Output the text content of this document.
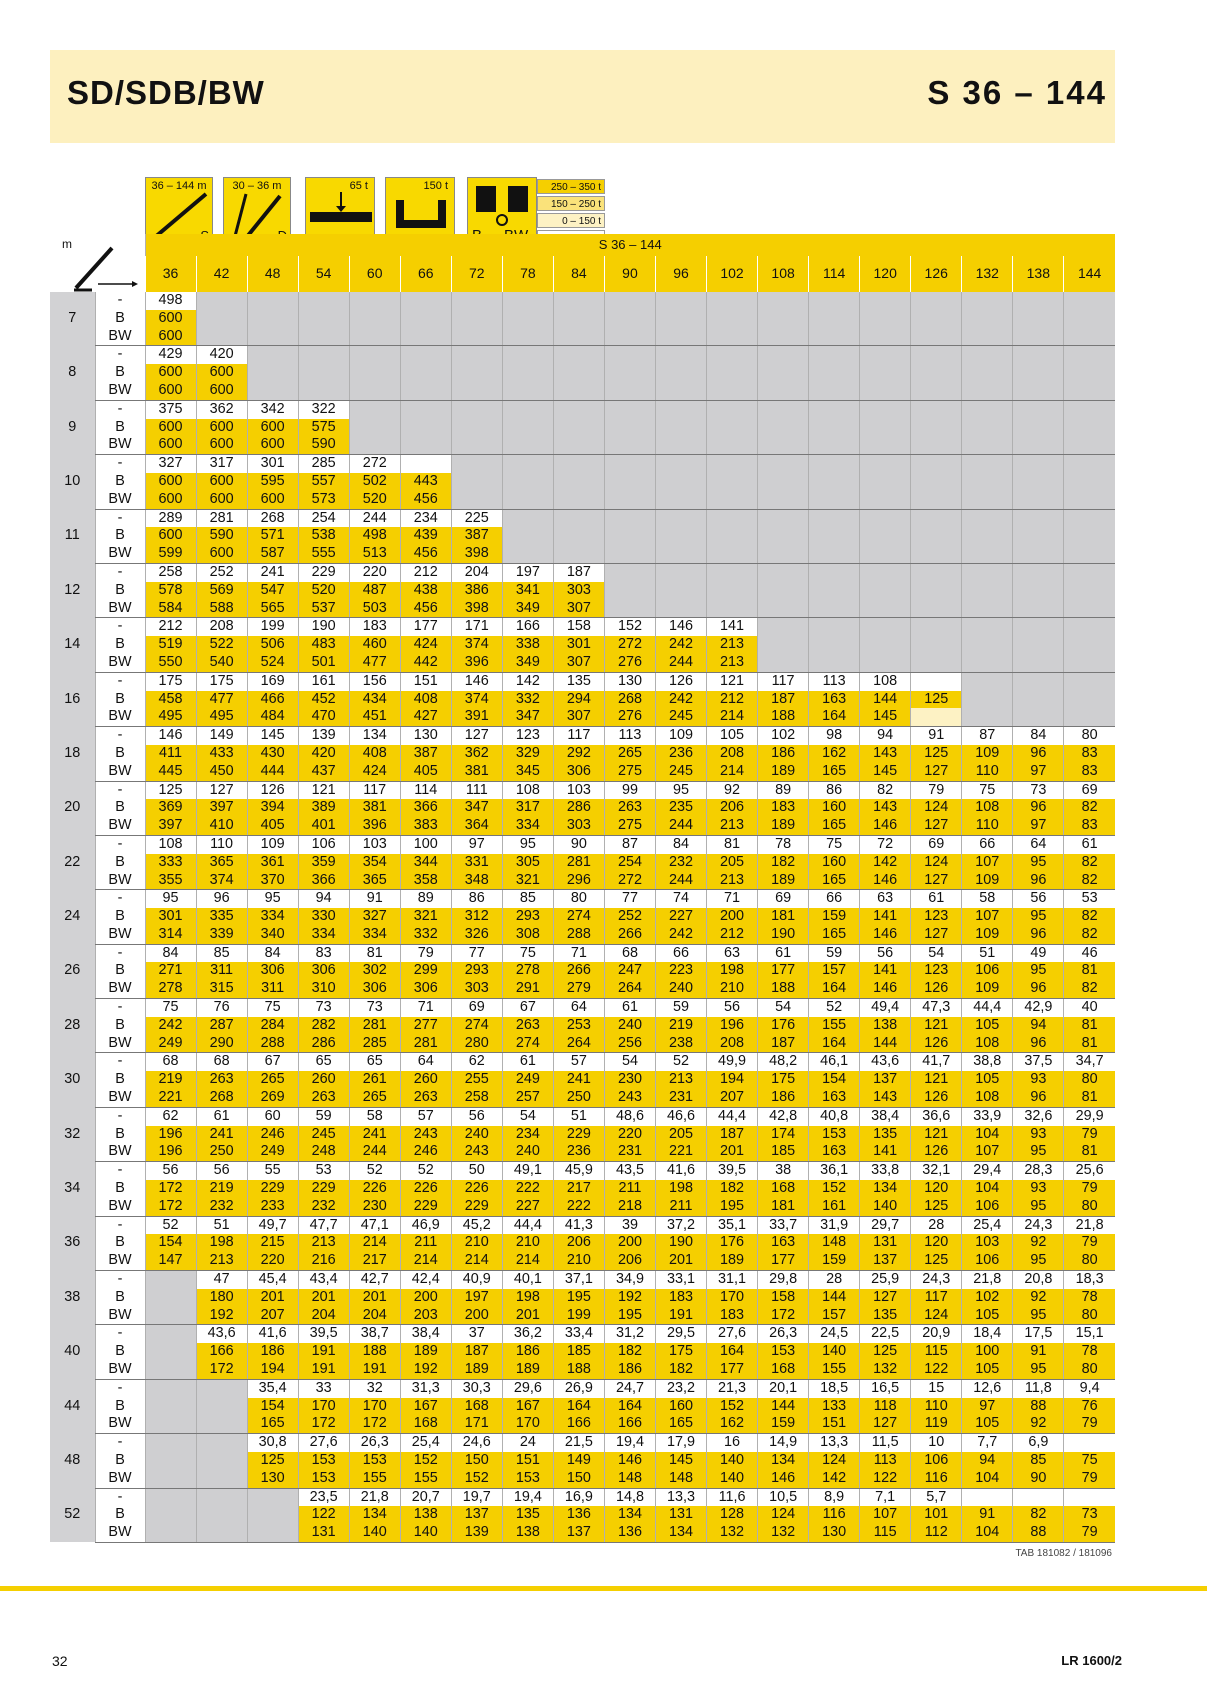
SD/SDB/BW	S 36 – 144
36 – 144 m	30 – 36 m	65 t	150 t	250 – 350 t
150 – 250 t
0 – 150 t
m		S 36 – 144																		
		36	42	48	54	60	66	72	78	84	90	96	102	108	114	120	126	132	138	144
7	-	498																		
	B	600																		
	BW	600																		
8	-	429	420																	
	B	600	600																	
	BW	600	600																	
9	-	375	362	342	322															
	B	600	600	600	575															
	BW	600	600	600	590															
10	-	327	317	301	285	272														
	B	600	600	595	557	502	443													
	BW	600	600	600	573	520	456													
11	-	289	281	268	254	244	234	225												
	B	600	590	571	538	498	439	387												
	BW	599	600	587	555	513	456	398												
12	-	258	252	241	229	220	212	204	197	187										
	B	578	569	547	520	487	438	386	341	303										
	BW	584	588	565	537	503	456	398	349	307										
14	-	212	208	199	190	183	177	171	166	158	152	146	141							
	B	519	522	506	483	460	424	374	338	301	272	242	213							
	BW	550	540	524	501	477	442	396	349	307	276	244	213							
16	-	175	175	169	161	156	151	146	142	135	130	126	121	117	113	108				
	B	458	477	466	452	434	408	374	332	294	268	242	212	187	163	144	125			
	BW	495	495	484	470	451	427	391	347	307	276	245	214	188	164	145				
18	-	146	149	145	139	134	130	127	123	117	113	109	105	102	98	94	91	87	84	80
	B	411	433	430	420	408	387	362	329	292	265	236	208	186	162	143	125	109	96	83
	BW	445	450	444	437	424	405	381	345	306	275	245	214	189	165	145	127	110	97	83
20	-	125	127	126	121	117	114	111	108	103	99	95	92	89	86	82	79	75	73	69
	B	369	397	394	389	381	366	347	317	286	263	235	206	183	160	143	124	108	96	82
	BW	397	410	405	401	396	383	364	334	303	275	244	213	189	165	146	127	110	97	83
22	-	108	110	109	106	103	100	97	95	90	87	84	81	78	75	72	69	66	64	61
	B	333	365	361	359	354	344	331	305	281	254	232	205	182	160	142	124	107	95	82
	BW	355	374	370	366	365	358	348	321	296	272	244	213	189	165	146	127	109	96	82
24	-	95	96	95	94	91	89	86	85	80	77	74	71	69	66	63	61	58	56	53
	B	301	335	334	330	327	321	312	293	274	252	227	200	181	159	141	123	107	95	82
	BW	314	339	340	334	334	332	326	308	288	266	242	212	190	165	146	127	109	96	82
26	-	84	85	84	83	81	79	77	75	71	68	66	63	61	59	56	54	51	49	46
	B	271	311	306	306	302	299	293	278	266	247	223	198	177	157	141	123	106	95	81
	BW	278	315	311	310	306	306	303	291	279	264	240	210	188	164	146	126	109	96	82
28	-	75	76	75	73	73	71	69	67	64	61	59	56	54	52	49,4	47,3	44,4	42,9	40
	B	242	287	284	282	281	277	274	263	253	240	219	196	176	155	138	121	105	94	81
	BW	249	290	288	286	285	281	280	274	264	256	238	208	187	164	144	126	108	96	81
30	-	68	68	67	65	65	64	62	61	57	54	52	49,9	48,2	46,1	43,6	41,7	38,8	37,5	34,7
	B	219	263	265	260	261	260	255	249	241	230	213	194	175	154	137	121	105	93	80
	BW	221	268	269	263	265	263	258	257	250	243	231	207	186	163	143	126	108	96	81
32	-	62	61	60	59	58	57	56	54	51	48,6	46,6	44,4	42,8	40,8	38,4	36,6	33,9	32,6	29,9
	B	196	241	246	245	241	243	240	234	229	220	205	187	174	153	135	121	104	93	79
	BW	196	250	249	248	244	246	243	240	236	231	221	201	185	163	141	126	107	95	81
34	-	56	56	55	53	52	52	50	49,1	45,9	43,5	41,6	39,5	38	36,1	33,8	32,1	29,4	28,3	25,6
	B	172	219	229	229	226	226	226	222	217	211	198	182	168	152	134	120	104	93	79
	BW	172	232	233	232	230	229	229	227	222	218	211	195	181	161	140	125	106	95	80
36	-	52	51	49,7	47,7	47,1	46,9	45,2	44,4	41,3	39	37,2	35,1	33,7	31,9	29,7	28	25,4	24,3	21,8
	B	154	198	215	213	214	211	210	210	206	200	190	176	163	148	131	120	103	92	79
	BW	147	213	220	216	217	214	214	214	210	206	201	189	177	159	137	125	106	95	80
38	-		47	45,4	43,4	42,7	42,4	40,9	40,1	37,1	34,9	33,1	31,1	29,8	28	25,9	24,3	21,8	20,8	18,3
	B		180	201	201	201	200	197	198	195	192	183	170	158	144	127	117	102	92	78
	BW		192	207	204	204	203	200	201	199	195	191	183	172	157	135	124	105	95	80
40	-		43,6	41,6	39,5	38,7	38,4	37	36,2	33,4	31,2	29,5	27,6	26,3	24,5	22,5	20,9	18,4	17,5	15,1
	B		166	186	191	188	189	187	186	185	182	175	164	153	140	125	115	100	91	78
	BW		172	194	191	191	192	189	189	188	186	182	177	168	155	132	122	105	95	80
44	-			35,4	33	32	31,3	30,3	29,6	26,9	24,7	23,2	21,3	20,1	18,5	16,5	15	12,6	11,8	9,4
	B			154	170	170	167	168	167	164	164	160	152	144	133	118	110	97	88	76
	BW			165	172	172	168	171	170	166	166	165	162	159	151	127	119	105	92	79
48	-			30,8	27,6	26,3	25,4	24,6	24	21,5	19,4	17,9	16	14,9	13,3	11,5	10	7,7	6,9	
	B			125	153	153	152	150	151	149	146	145	140	134	124	113	106	94	85	75
	BW			130	153	155	155	152	153	150	148	148	140	146	142	122	116	104	90	79
52	-				23,5	21,8	20,7	19,7	19,4	16,9	14,8	13,3	11,6	10,5	8,9	7,1	5,7			
	B				122	134	138	137	135	136	134	131	128	124	116	107	101	91	82	73
	BW				131	140	140	139	138	137	136	134	132	132	130	115	112	104	88	79
TAB 181082 / 181096
32	LR 1600/2
